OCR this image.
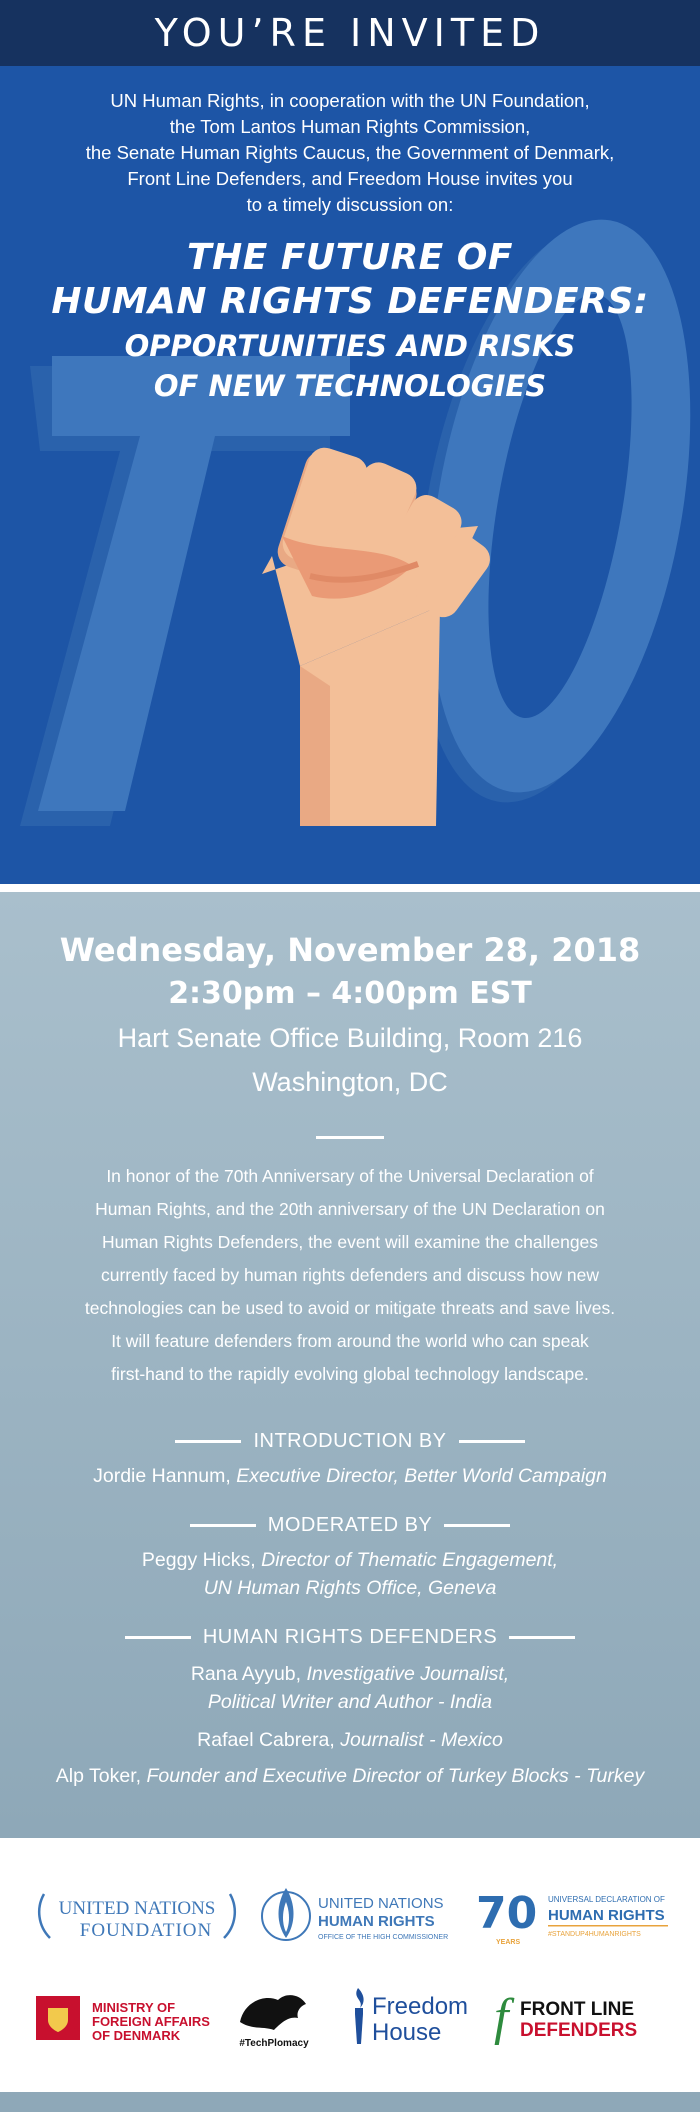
YOU’RE INVITED
UN Human Rights, in cooperation with the UN Foundation,
the Tom Lantos Human Rights Commission,
the Senate Human Rights Caucus, the Government of Denmark,
Front Line Defenders, and Freedom House invites you
to a timely discussion on:
THE FUTURE OF
HUMAN RIGHTS DEFENDERS:
OPPORTUNITIES AND RISKS
OF NEW TECHNOLOGIES
Wednesday, November 28, 2018
2:30pm – 4:00pm EST
Hart Senate Office Building, Room 216
Washington, DC
In honor of the 70th Anniversary of the Universal Declaration of
Human Rights, and the 20th anniversary of the UN Declaration on
Human Rights Defenders, the event will examine the challenges
currently faced by human rights defenders and discuss how new
technologies can be used to avoid or mitigate threats and save lives.
It will feature defenders from around the world who can speak
first-hand to the rapidly evolving global technology landscape.
INTRODUCTION BY
Jordie Hannum, Executive Director, Better World Campaign
MODERATED BY
Peggy Hicks, Director of Thematic Engagement,
UN Human Rights Office, Geneva
HUMAN RIGHTS DEFENDERS
Rana Ayyub, Investigative Journalist,
Political Writer and Author - India
Rafael Cabrera, Journalist - Mexico
Alp Toker, Founder and Executive Director of Turkey Blocks - Turkey
UNITED NATIONS
FOUNDATION
UNITED NATIONS
HUMAN RIGHTS
OFFICE OF THE HIGH COMMISSIONER 70
YEARS
UNIVERSAL DECLARATION OF
HUMAN RIGHTS
#STANDUP4HUMANRIGHTS
MINISTRY OF
FOREIGN AFFAIRS
OF DENMARK
#TechPlomacy
Freedom
House f FRONT LINE
DEFENDERS
